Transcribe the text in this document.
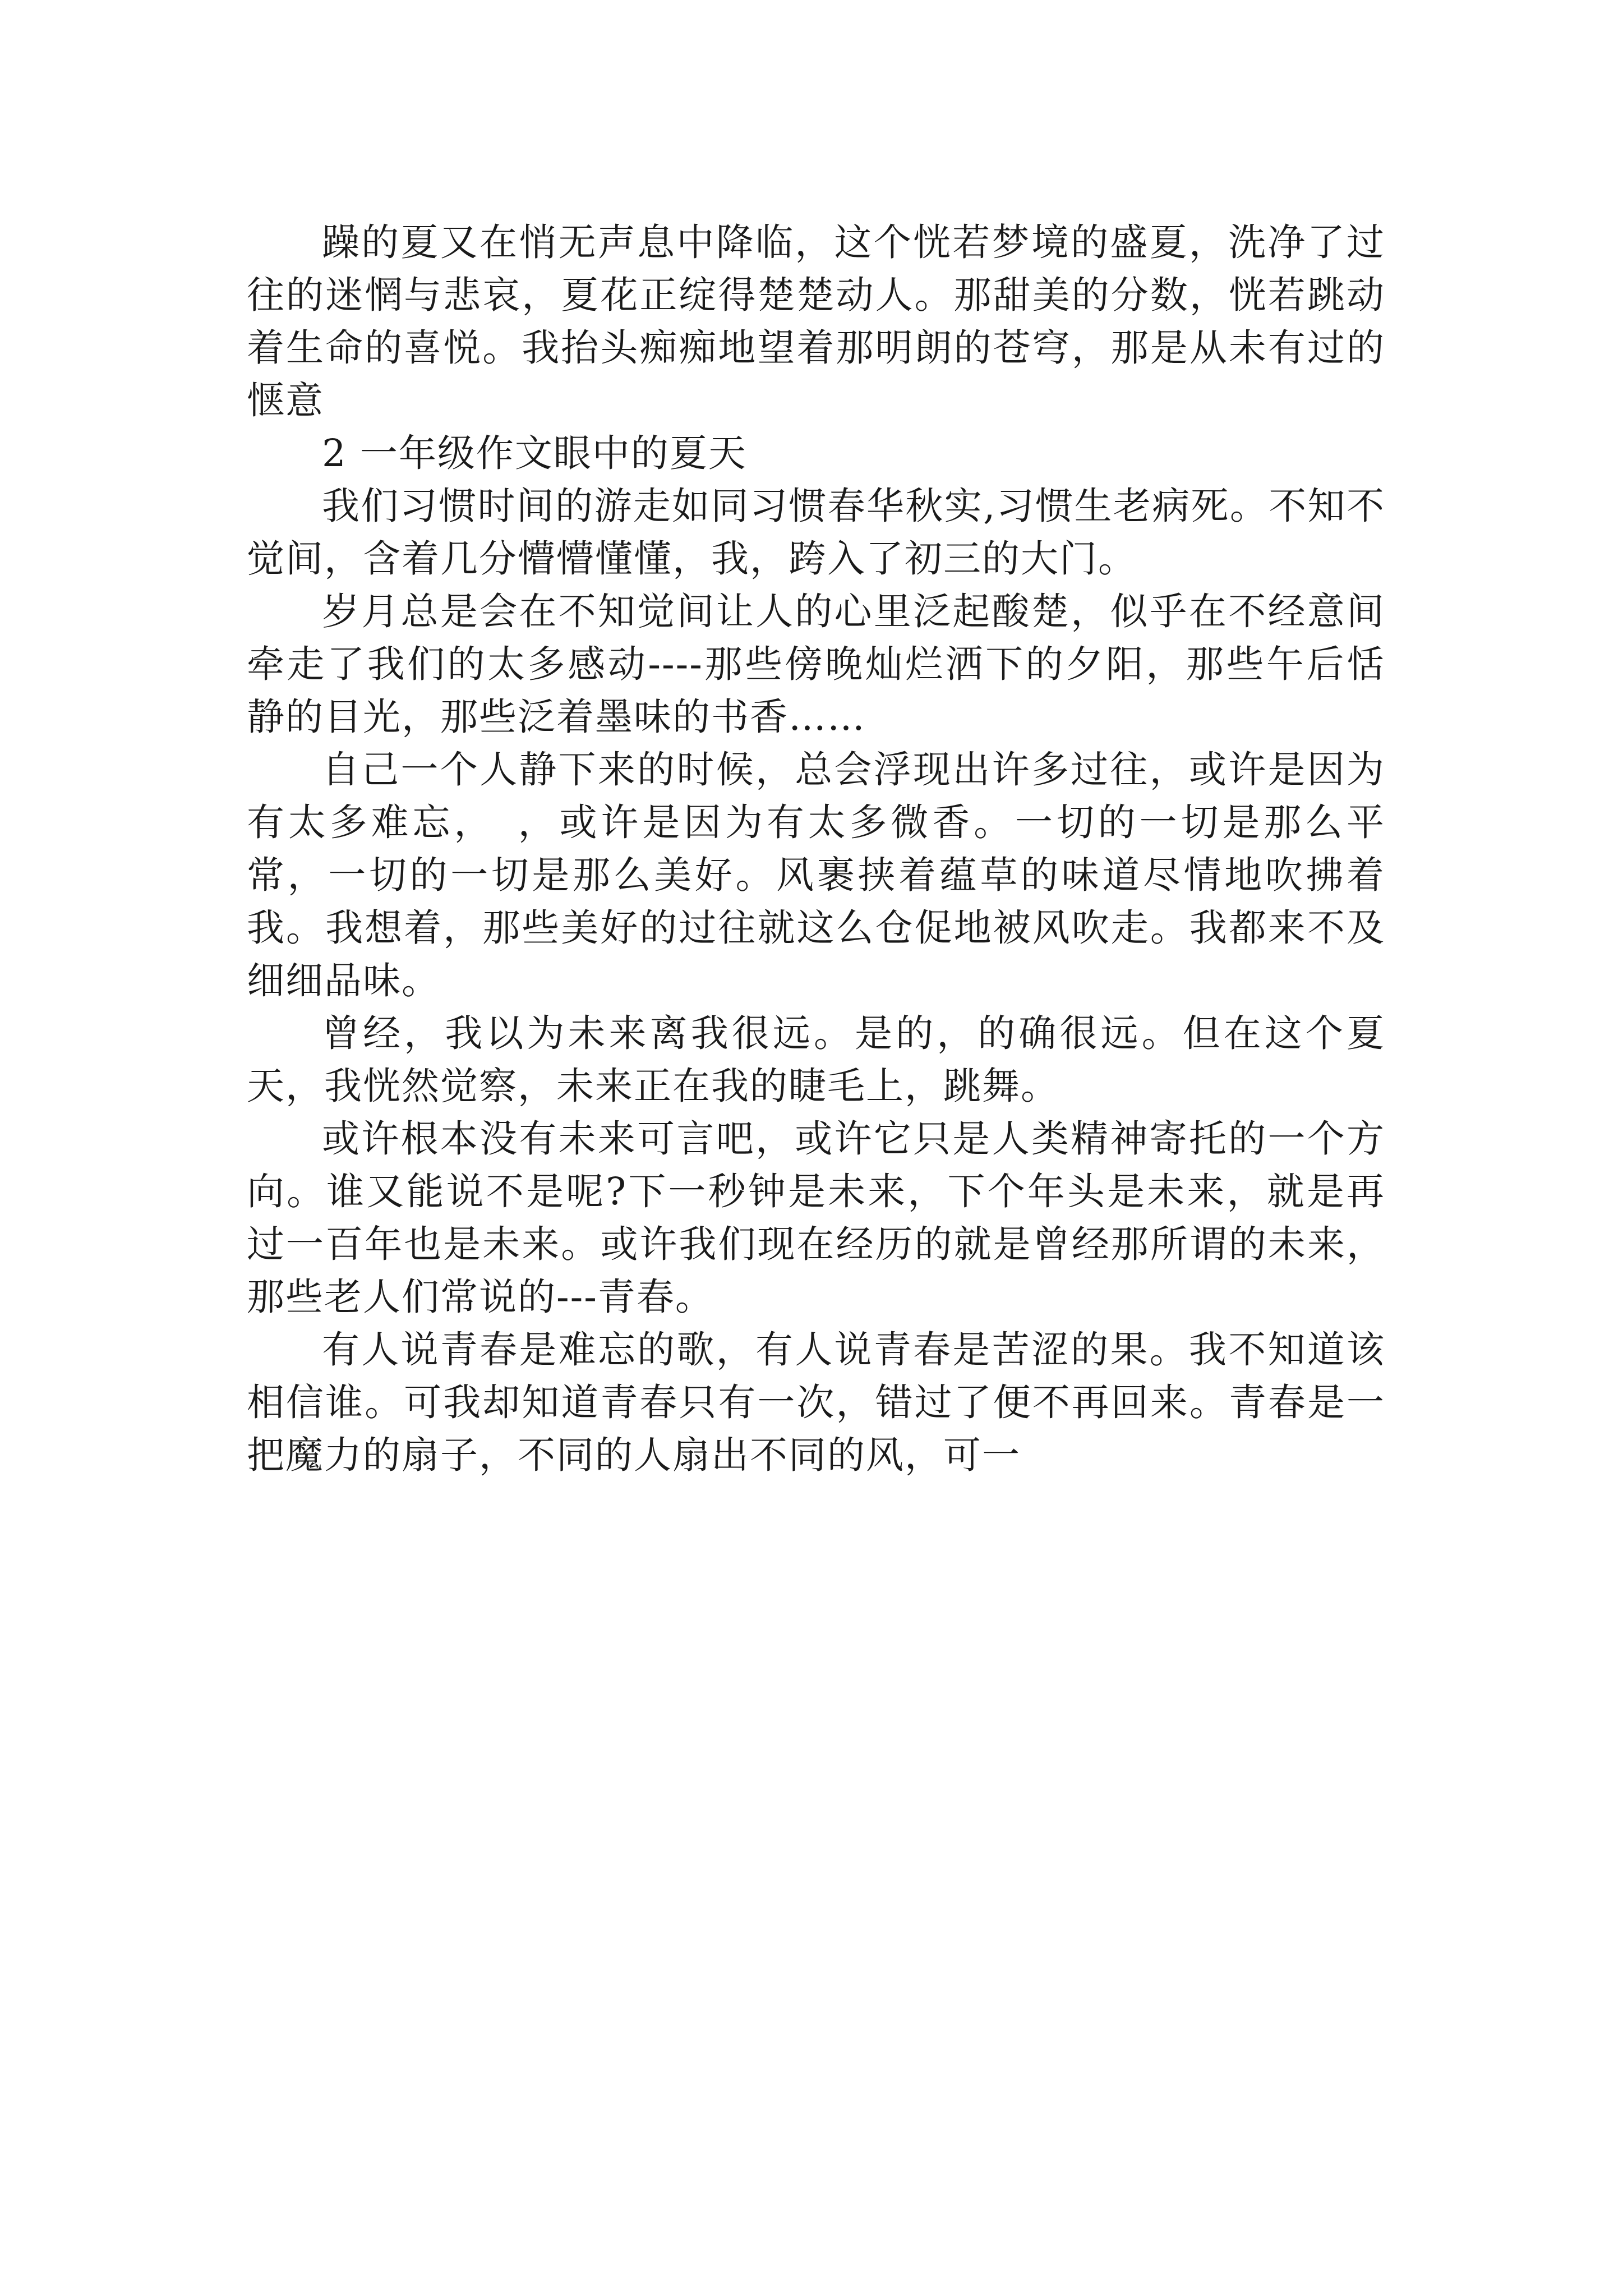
躁的夏又在悄无声息中降临，这个恍若梦境的盛夏，洗净了过往的迷惘与悲哀，夏花正绽得楚楚动人。那甜美的分数，恍若跳动着生命的喜悦。我抬头痴痴地望着那明朗的苍穹，那是从未有过的惬意

2 一年级作文眼中的夏天

我们习惯时间的游走如同习惯春华秋实,习惯生老病死。不知不觉间，含着几分懵懵懂懂，我，跨入了初三的大门。

岁月总是会在不知觉间让人的心里泛起酸楚，似乎在不经意间牵走了我们的太多感动----那些傍晚灿烂洒下的夕阳，那些午后恬静的目光，那些泛着墨味的书香……

自己一个人静下来的时候，总会浮现出许多过往，或许是因为有太多难忘，　，或许是因为有太多微香。一切的一切是那么平常，一切的一切是那么美好。风裹挟着蕴草的味道尽情地吹拂着我。我想着，那些美好的过往就这么仓促地被风吹走。我都来不及细细品味。

曾经，我以为未来离我很远。是的，的确很远。但在这个夏天，我恍然觉察，未来正在我的睫毛上，跳舞。

或许根本没有未来可言吧，或许它只是人类精神寄托的一个方向。谁又能说不是呢?下一秒钟是未来，下个年头是未来，就是再过一百年也是未来。或许我们现在经历的就是曾经那所谓的未来，那些老人们常说的---青春。

有人说青春是难忘的歌，有人说青春是苦涩的果。我不知道该相信谁。可我却知道青春只有一次，错过了便不再回来。青春是一把魔力的扇子，不同的人扇出不同的风，可一
